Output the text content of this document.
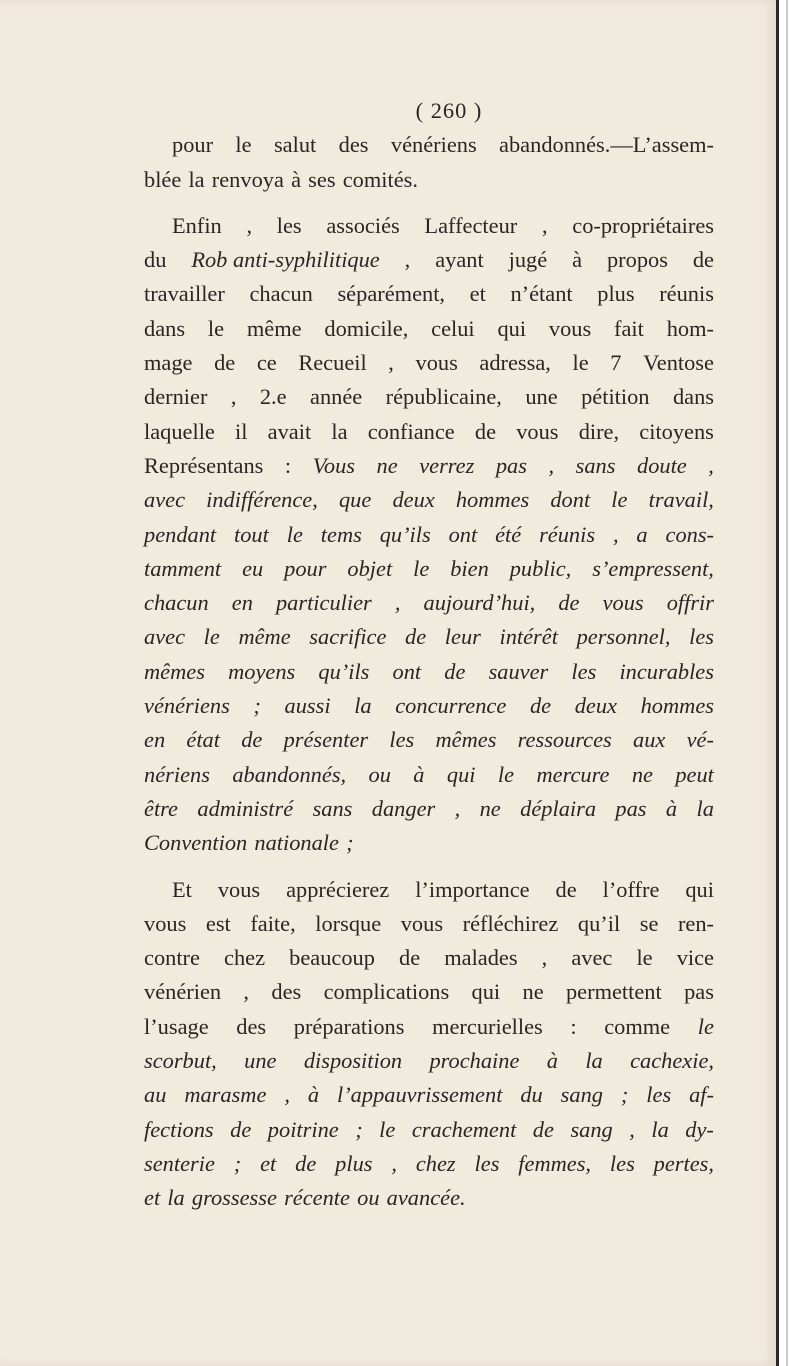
( 260 )
pour le salut des vénériens abandonnés.—L’assem-
blée la renvoya à ses comités.
Enfin , les associés Laffecteur , co-propriétaires
du Rob anti-syphilitique , ayant jugé à propos de
travailler chacun séparément, et n’étant plus réunis
dans le même domicile, celui qui vous fait hom-
mage de ce Recueil , vous adressa, le 7 Ventose
dernier , 2.e année républicaine, une pétition dans
laquelle il avait la confiance de vous dire, citoyens
Représentans : Vous ne verrez pas , sans doute ,
avec indifférence, que deux hommes dont le travail,
pendant tout le tems qu’ils ont été réunis , a cons-
tamment eu pour objet le bien public, s’empressent,
chacun en particulier , aujourd’hui, de vous offrir
avec le même sacrifice de leur intérêt personnel, les
mêmes moyens qu’ils ont de sauver les incurables
vénériens ; aussi la concurrence de deux hommes
en état de présenter les mêmes ressources aux vé-
nériens abandonnés, ou à qui le mercure ne peut
être administré sans danger , ne déplaira pas à la
Convention nationale ;
Et vous apprécierez l’importance de l’offre qui
vous est faite, lorsque vous réfléchirez qu’il se ren-
contre chez beaucoup de malades , avec le vice
vénérien , des complications qui ne permettent pas
l’usage des préparations mercurielles : comme le
scorbut, une disposition prochaine à la cachexie,
au marasme , à l’appauvrissement du sang ; les af-
fections de poitrine ; le crachement de sang , la dy-
senterie ; et de plus , chez les femmes, les pertes,
et la grossesse récente ou avancée.
